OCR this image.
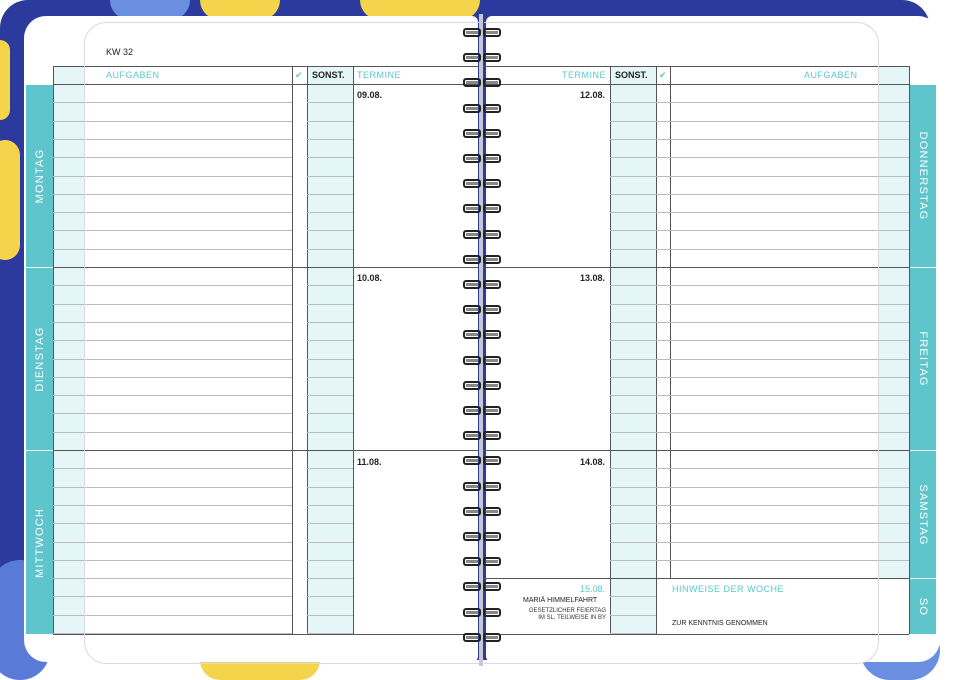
KW 32
MONTAG
DIENSTAG
MITTWOCH
AUFGABEN	✔ SONST. TERMINE
09.08.
10.08.
11.08.
DONNERSTAG
FREITAG
SAMSTAG
SO
TERMINE SONST. ✔	AUFGABEN
12.08.
13.08.
14.08.
15.08.
MARIÄ HIMMELFAHRT
GESETZLICHER FEIERTAG
IM SL, TEILWEISE IN BY
HINWEISE DER WOCHE
ZUR KENNTNIS GENOMMEN
